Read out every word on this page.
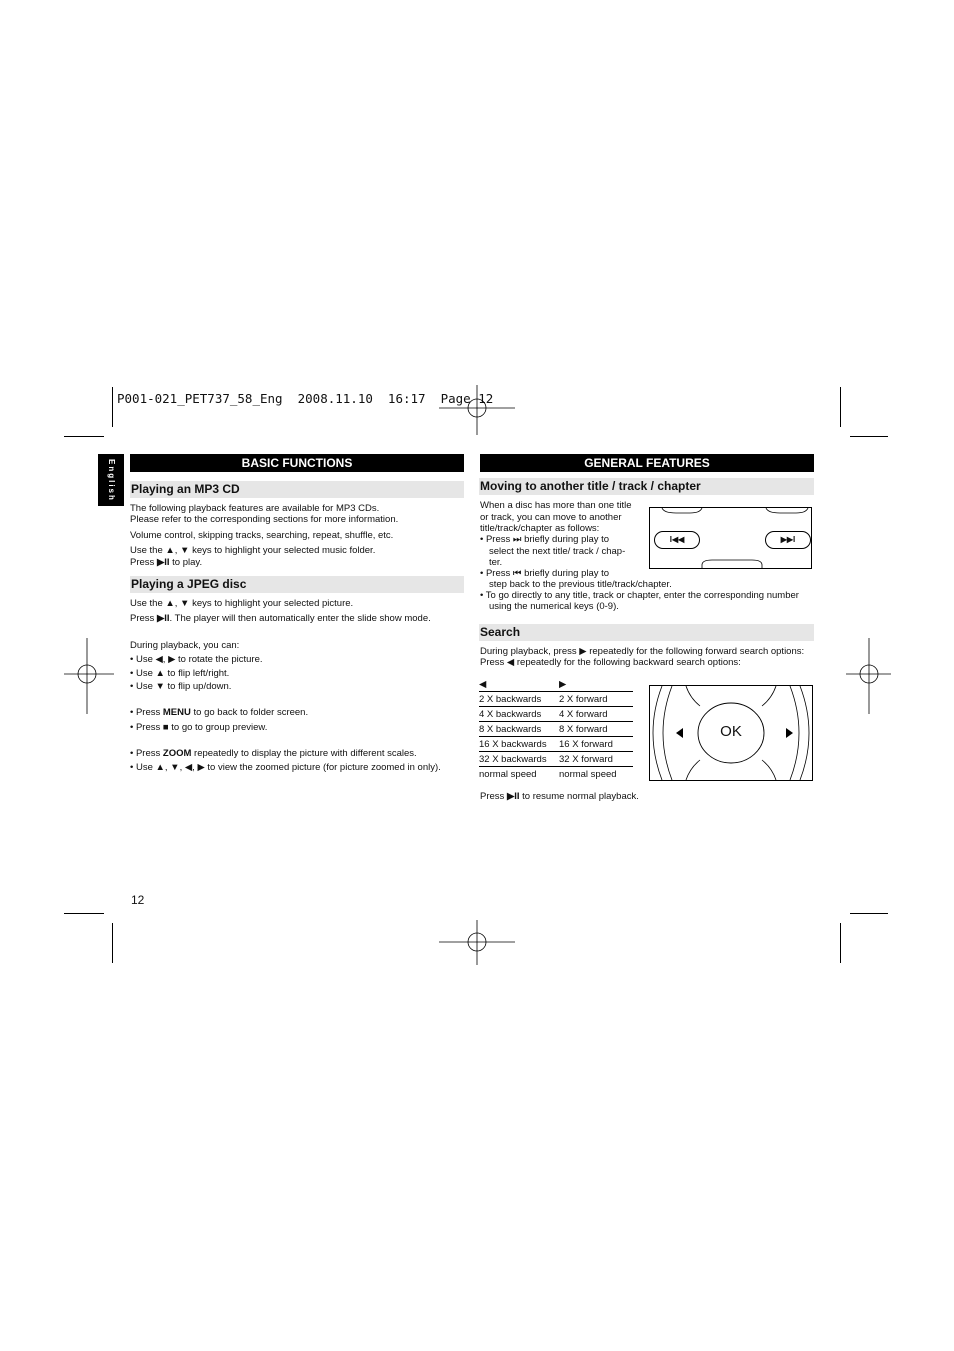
P001-021_PET737_58_Eng  2008.11.10  16:17  Page 12
English	BASIC FUNCTIONS
Playing an MP3 CD
The following playback features are available for MP3 CDs.
Please refer to the corresponding sections for more information.
Volume control, skipping tracks, searching, repeat, shuffle, etc.
Use the ▲, ▼ keys to highlight your selected music folder.
Press ▶II to play.
Playing a JPEG disc
Use the ▲, ▼ keys to highlight your selected picture.
Press ▶II. The player will then automatically enter the slide show mode.
During playback, you can:
• Use ◀, ▶ to rotate the picture.
• Use ▲ to flip left/right.
• Use ▼ to flip up/down.
• Press MENU to go back to folder screen.
• Press ■ to go to group preview.
• Press ZOOM repeatedly to display the picture with different scales.
• Use ▲, ▼, ◀, ▶ to view the zoomed picture (for picture zoomed in only).
12
GENERAL FEATURES
Moving to another title / track / chapter
When a disc has more than one title
or track, you can move to another
title/track/chapter as follows:
• Press ⏭ briefly during play to
select the next title/ track / chap-
ter.
• Press ⏮ briefly during play to
step back to the previous title/track/chapter.
• To go directly to any title, track or chapter, enter the corresponding number
using the numerical keys (0-9).
I◀◀	▶▶I
Search
During playback, press ▶ repeatedly for the following forward search options:
Press ◀ repeatedly for the following backward search options:
◀	▶
2 X backwards	2 X forward
4 X backwards	4 X forward
8 X backwards	8 X forward
16 X backwards	16 X forward
32 X backwards	32 X forward
normal speed	normal speed
OK
Press ▶II to resume normal playback.
